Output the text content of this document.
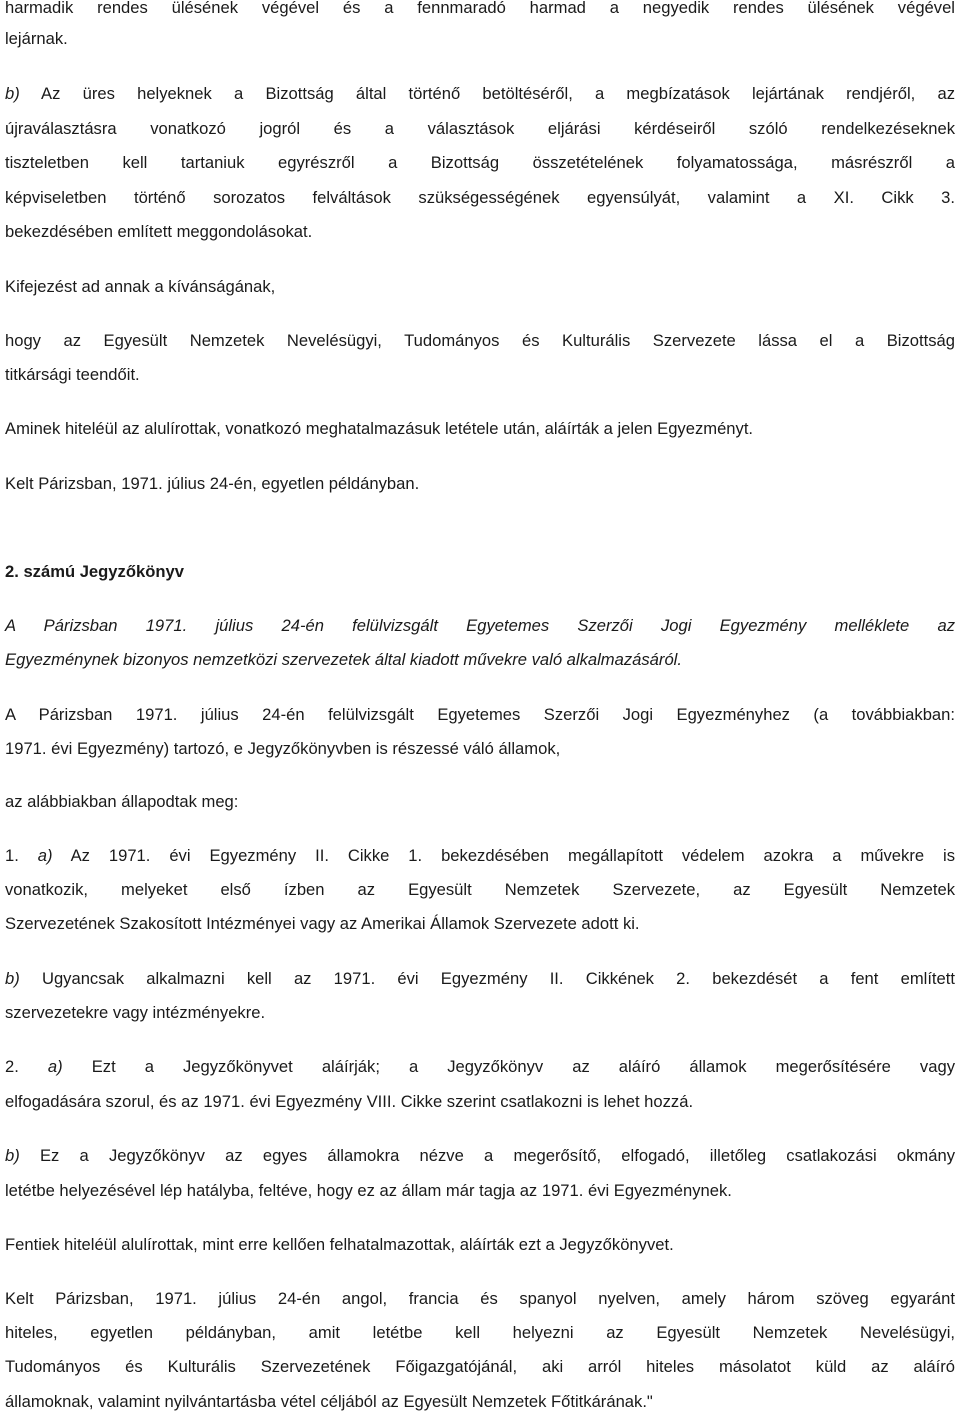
harmadik rendes ülésének végével és a fennmaradó harmad a negyedik rendes ülésének végével
lejárnak.
b) Az üres helyeknek a Bizottság által történő betöltéséről, a megbízatások lejártának rendjéről, az
újraválasztásra vonatkozó jogról és a választások eljárási kérdéseiről szóló rendelkezéseknek
tiszteletben kell tartaniuk egyrészről a Bizottság összetételének folyamatossága, másrészről a
képviseletben történő sorozatos felváltások szükségességének egyensúlyát, valamint a XI. Cikk 3.
bekezdésében említett meggondolásokat.
Kifejezést ad annak a kívánságának,
hogy az Egyesült Nemzetek Nevelésügyi, Tudományos és Kulturális Szervezete lássa el a Bizottság
titkársági teendőit.
Aminek hiteléül az alulírottak, vonatkozó meghatalmazásuk letétele után, aláírták a jelen Egyezményt.
Kelt Párizsban, 1971. július 24-én, egyetlen példányban.
2. számú Jegyzőkönyv
A Párizsban 1971. július 24-én felülvizsgált Egyetemes Szerzői Jogi Egyezmény melléklete az
Egyezménynek bizonyos nemzetközi szervezetek által kiadott művekre való alkalmazásáról.
A Párizsban 1971. július 24-én felülvizsgált Egyetemes Szerzői Jogi Egyezményhez (a továbbiakban:
1971. évi Egyezmény) tartozó, e Jegyzőkönyvben is részessé váló államok,
az alábbiakban állapodtak meg:
1. a) Az 1971. évi Egyezmény II. Cikke 1. bekezdésében megállapított védelem azokra a művekre is
vonatkozik, melyeket első ízben az Egyesült Nemzetek Szervezete, az Egyesült Nemzetek
Szervezetének Szakosított Intézményei vagy az Amerikai Államok Szervezete adott ki.
b) Ugyancsak alkalmazni kell az 1971. évi Egyezmény II. Cikkének 2. bekezdését a fent említett
szervezetekre vagy intézményekre.
2. a) Ezt a Jegyzőkönyvet aláírják; a Jegyzőkönyv az aláíró államok megerősítésére vagy
elfogadására szorul, és az 1971. évi Egyezmény VIII. Cikke szerint csatlakozni is lehet hozzá.
b) Ez a Jegyzőkönyv az egyes államokra nézve a megerősítő, elfogadó, illetőleg csatlakozási okmány
letétbe helyezésével lép hatályba, feltéve, hogy ez az állam már tagja az 1971. évi Egyezménynek.
Fentiek hiteléül alulírottak, mint erre kellően felhatalmazottak, aláírták ezt a Jegyzőkönyvet.
Kelt Párizsban, 1971. július 24-én angol, francia és spanyol nyelven, amely három szöveg egyaránt
hiteles, egyetlen példányban, amit letétbe kell helyezni az Egyesült Nemzetek Nevelésügyi,
Tudományos és Kulturális Szervezetének Főigazgatójánál, aki arról hiteles másolatot küld az aláíró
államoknak, valamint nyilvántartásba vétel céljából az Egyesült Nemzetek Főtitkárának."
